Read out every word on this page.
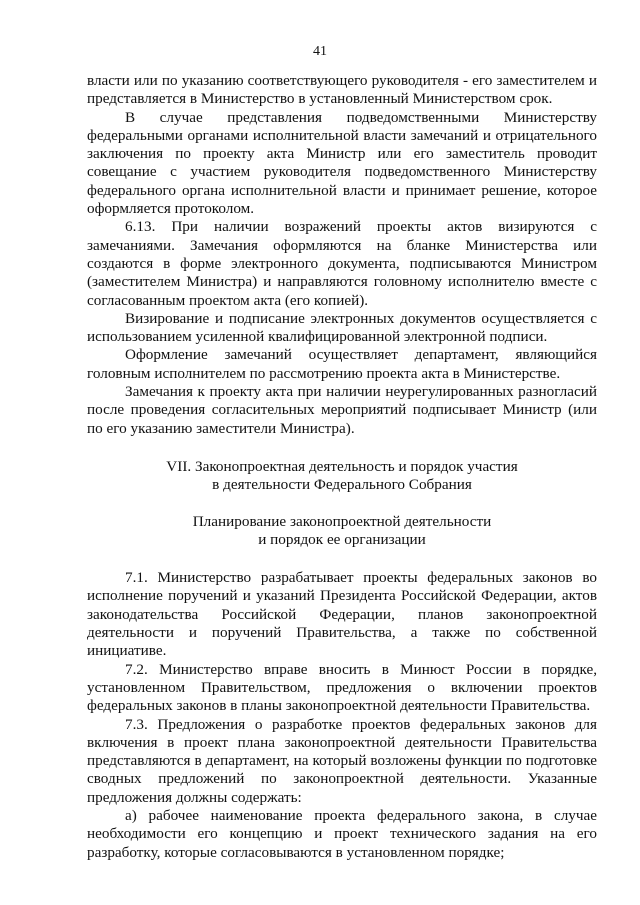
41

власти или по указанию соответствующего руководителя - его заместителем и представляется в Министерство в установленный Министерством срок.

В случае представления подведомственными Министерству федеральными органами исполнительной власти замечаний и отрицательного заключения по проекту акта Министр или его заместитель проводит совещание с участием руководителя подведомственного Министерству федерального органа исполнительной власти и принимает решение, которое оформляется протоколом.

6.13. При наличии возражений проекты актов визируются с замечаниями. Замечания оформляются на бланке Министерства или создаются в форме электронного документа, подписываются Министром (заместителем Министра) и направляются головному исполнителю вместе с согласованным проектом акта (его копией).

Визирование и подписание электронных документов осуществляется с использованием усиленной квалифицированной электронной подписи.

Оформление замечаний осуществляет департамент, являющийся головным исполнителем по рассмотрению проекта акта в Министерстве.

Замечания к проекту акта при наличии неурегулированных разногласий после проведения согласительных мероприятий подписывает Министр (или по его указанию заместители Министра).

VII. Законопроектная деятельность и порядок участия
в деятельности Федерального Собрания
Планирование законопроектной деятельности
и порядок ее организации

7.1. Министерство разрабатывает проекты федеральных законов во исполнение поручений и указаний Президента Российской Федерации, актов законодательства Российской Федерации, планов законопроектной деятельности и поручений Правительства, а также по собственной инициативе.

7.2. Министерство вправе вносить в Минюст России в порядке, установленном Правительством, предложения о включении проектов федеральных законов в планы законопроектной деятельности Правительства.

7.3. Предложения о разработке проектов федеральных законов для включения в проект плана законопроектной деятельности Правительства представляются в департамент, на который возложены функции по подготовке сводных предложений по законопроектной деятельности. Указанные предложения должны содержать:

а) рабочее наименование проекта федерального закона, в случае необходимости его концепцию и проект технического задания на его разработку, которые согласовываются в установленном порядке;
